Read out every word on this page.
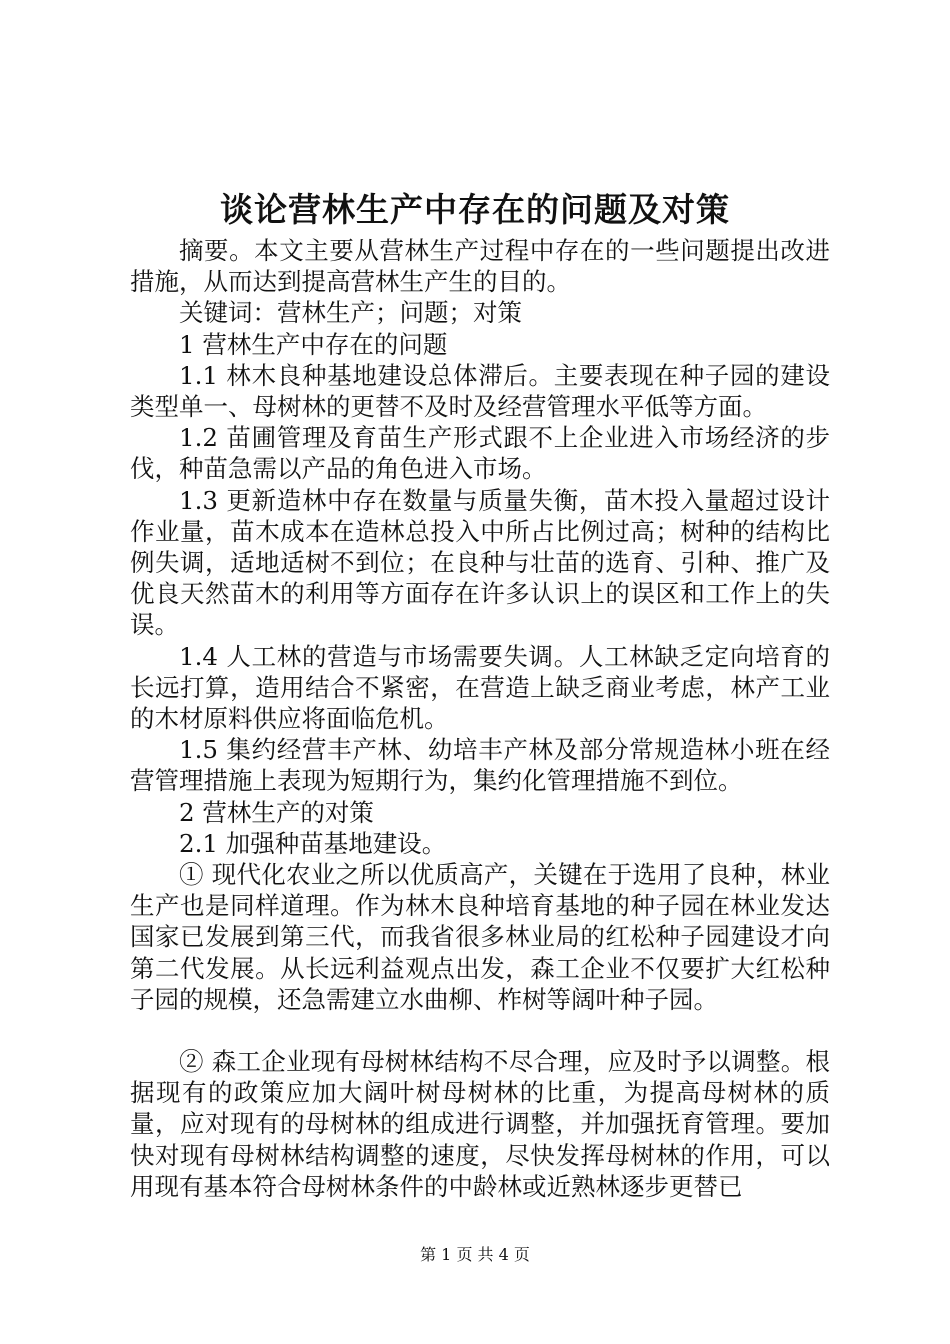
谈论营林生产中存在的问题及对策

摘要。本文主要从营林生产过程中存在的一些问题提出改进措施，从而达到提高营林生产生的目的。

关键词：营林生产；问题；对策

1 营林生产中存在的问题

1.1 林木良种基地建设总体滞后。主要表现在种子园的建设类型单一、母树林的更替不及时及经营管理水平低等方面。

1.2 苗圃管理及育苗生产形式跟不上企业进入市场经济的步伐，种苗急需以产品的角色进入市场。

1.3 更新造林中存在数量与质量失衡，苗木投入量超过设计作业量，苗木成本在造林总投入中所占比例过高；树种的结构比例失调，适地适树不到位；在良种与壮苗的选育、引种、推广及优良天然苗木的利用等方面存在许多认识上的误区和工作上的失误。

1.4 人工林的营造与市场需要失调。人工林缺乏定向培育的长远打算，造用结合不紧密，在营造上缺乏商业考虑，林产工业的木材原料供应将面临危机。

1.5 集约经营丰产林、幼培丰产林及部分常规造林小班在经营管理措施上表现为短期行为，集约化管理措施不到位。

2 营林生产的对策

2.1 加强种苗基地建设。

① 现代化农业之所以优质高产，关键在于选用了良种，林业生产也是同样道理。作为林木良种培育基地的种子园在林业发达国家已发展到第三代，而我省很多林业局的红松种子园建设才向第二代发展。从长远利益观点出发，森工企业不仅要扩大红松种子园的规模，还急需建立水曲柳、柞树等阔叶种子园。

② 森工企业现有母树林结构不尽合理，应及时予以调整。根据现有的政策应加大阔叶树母树林的比重，为提高母树林的质量，应对现有的母树林的组成进行调整，并加强抚育管理。要加快对现有母树林结构调整的速度，尽快发挥母树林的作用，可以用现有基本符合母树林条件的中龄林或近熟林逐步更替已

第 1 页 共 4 页
